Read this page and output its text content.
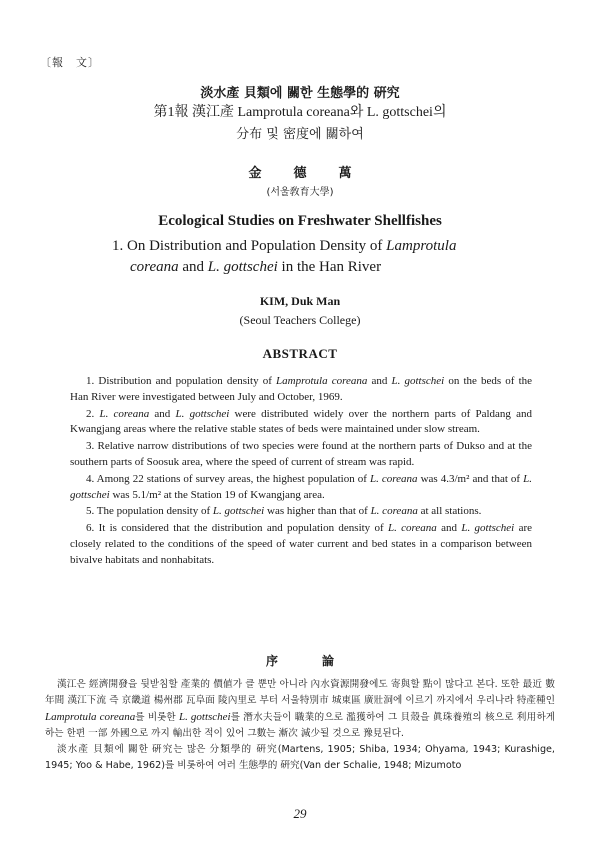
〔報　文〕
淡水產 貝類에 關한 生態學的 硏究
第1報 漢江產 Lamprotula coreana와 L. gottschei의
分布 및 密度에 關하여
金德萬
(서울敎育大學)
Ecological Studies on Freshwater Shellfishes
1. On Distribution and Population Density of Lamprotula
coreana and L. gottschei in the Han River
KIM, Duk Man
(Seoul Teachers College)
ABSTRACT

1. Distribution and population density of Lamprotula coreana and L. gottschei on the beds of the Han River were investigated between July and October, 1969.

2. L. coreana and L. gottschei were distributed widely over the northern parts of Paldang and Kwangjang areas where the relative stable states of beds were maintained under slow stream.

3. Relative narrow distributions of two species were found at the northern parts of Dukso and at the southern parts of Soosuk area, where the speed of current of stream was rapid.

4. Among 22 stations of survey areas, the highest population of L. coreana was 4.3/m² and that of L. gottschei was 5.1/m² at the Station 19 of Kwangjang area.

5. The population density of L. gottschei was higher than that of L. coreana at all stations.

6. It is considered that the distribution and population density of L. coreana and L. gottschei are closely related to the conditions of the speed of water current and bed states in a comparison between bivalve habitats and nonhabitats.

序論

漢江은 經濟開發을 뒷받침할 產業的 價値가 클 뿐만 아니라 內水資源開發에도 寄與할 點이 많다고 본다. 또한 最近 數年間 漢江下流 즉 京畿道 楊州郡 瓦阜面 陵內里로 부터 서울特別市 城東區 廣壯洞에 이르기 까지에서 우리나라 特產種인 Lamprotula coreana를 비롯한 L. gottschei를 潛水夫들이 職業的으로 濫獲하여 그 貝殼을 眞珠養殖의 核으로 利用하게 하는 한편 一部 外國으로 까지 輸出한 적이 있어 그數는 漸次 減少될 것으로 豫見된다.

淡水產 貝類에 關한 硏究는 많은 分類學的 硏究(Martens, 1905; Shiba, 1934; Ohyama, 1943; Kurashige, 1945; Yoo & Habe, 1962)를 비롯하여 여러 生態學的 硏究(Van der Schalie, 1948; Mizumoto

29
